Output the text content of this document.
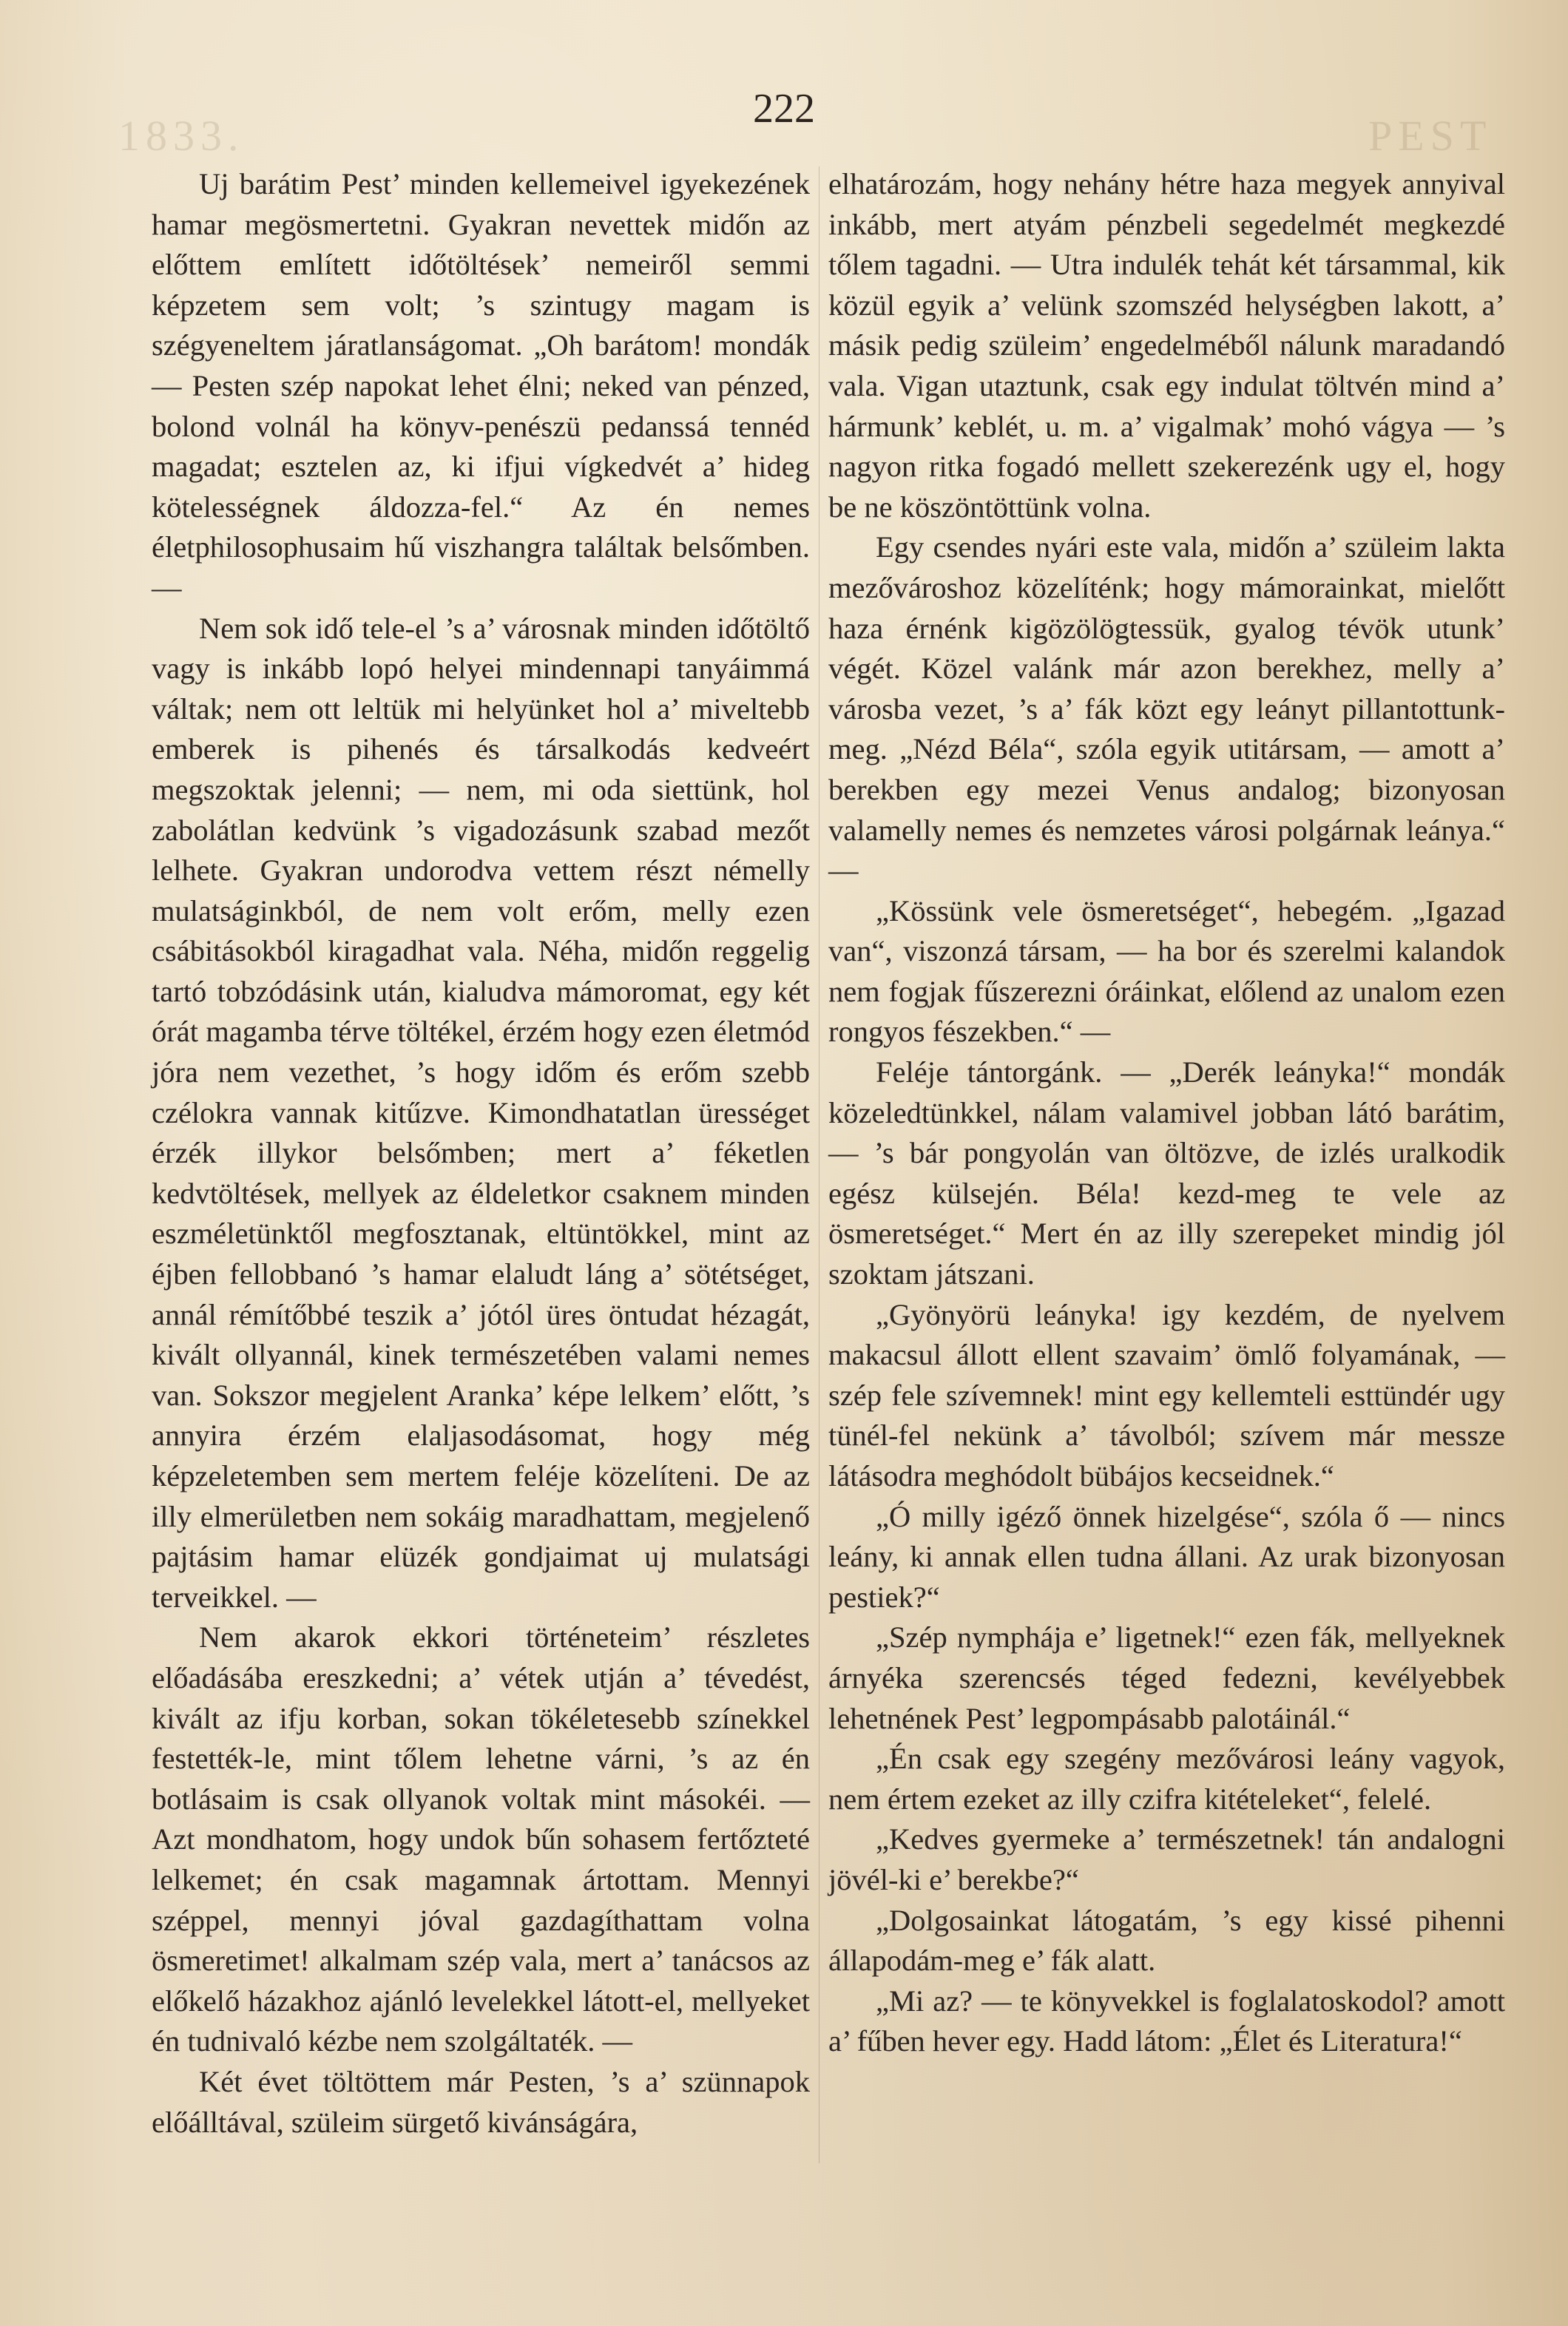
1833.	PEST
222

Uj barátim Pest’ minden kellemeivel igyekezének hamar megösmertetni. Gyakran nevettek midőn az előttem említett időtöltések’ nemeiről semmi képzetem sem volt; ’s szintugy magam is szégyeneltem járatlanságomat. „Oh barátom! mondák — Pesten szép napokat lehet élni; neked van pénzed, bolond volnál ha könyv-penészü pedanssá tennéd magadat; esztelen az, ki ifjui vígkedvét a’ hideg kötelességnek áldozza-fel.“ Az én nemes életphilosophusaim hű viszhangra találtak belsőmben. —

Nem sok idő tele-el ’s a’ városnak minden időtöltő vagy is inkább lopó helyei mindennapi tanyáimmá váltak; nem ott leltük mi helyünket hol a’ miveltebb emberek is pihenés és társalkodás kedveért megszoktak jelenni; — nem, mi oda siettünk, hol zabolátlan kedvünk ’s vigadozásunk szabad mezőt lelhete. Gyakran undorodva vettem részt némelly mulatságinkból, de nem volt erőm, melly ezen csábitásokból kiragadhat vala. Néha, midőn reggelig tartó tobzódásink után, kialudva mámoromat, egy két órát magamba térve töltékel, érzém hogy ezen életmód jóra nem vezethet, ’s hogy időm és erőm szebb czélokra vannak kitűzve. Kimondhatatlan ürességet érzék illykor belsőmben; mert a’ féketlen kedvtöltések, mellyek az éldeletkor csaknem minden eszméletünktől megfosztanak, eltüntökkel, mint az éjben fellobbanó ’s hamar elaludt láng a’ sötétséget, annál rémítőbbé teszik a’ jótól üres öntudat hézagát, kivált ollyannál, kinek természetében valami nemes van. Sokszor megjelent Aranka’ képe lelkem’ előtt, ’s annyira érzém elaljasodásomat, hogy még képzeletemben sem mertem feléje közelíteni. De az illy elmerületben nem sokáig maradhattam, megjelenő pajtásim hamar elüzék gondjaimat uj mulatsági terveikkel. —

Nem akarok ekkori történeteim’ részletes előadásába ereszkedni; a’ vétek utján a’ tévedést, kivált az ifju korban, sokan tökéletesebb színekkel festették-le, mint tőlem lehetne várni, ’s az én botlásaim is csak ollyanok voltak mint másokéi. — Azt mondhatom, hogy undok bűn sohasem fertőzteté lelkemet; én csak magamnak ártottam. Mennyi széppel, mennyi jóval gazdagíthattam volna ösmeretimet! alkalmam szép vala, mert a’ tanácsos az előkelő házakhoz ajánló levelekkel látott-el, mellyeket én tudnivaló kézbe nem szolgáltaték. —

Két évet töltöttem már Pesten, ’s a’ szünnapok előálltával, szüleim sürgető kivánságára,

elhatározám, hogy nehány hétre haza megyek annyival inkább, mert atyám pénzbeli segedelmét megkezdé tőlem tagadni. — Utra indulék tehát két társammal, kik közül egyik a’ velünk szomszéd helységben lakott, a’ másik pedig szüleim’ engedelméből nálunk maradandó vala. Vigan utaztunk, csak egy indulat töltvén mind a’ hármunk’ keblét, u. m. a’ vigalmak’ mohó vágya — ’s nagyon ritka fogadó mellett szekerezénk ugy el, hogy be ne köszöntöttünk volna.

Egy csendes nyári este vala, midőn a’ szüleim lakta mezővároshoz közelíténk; hogy mámorainkat, mielőtt haza érnénk kigözölögtessük, gyalog tévök utunk’ végét. Közel valánk már azon berekhez, melly a’ városba vezet, ’s a’ fák közt egy leányt pillantottunk-meg. „Nézd Béla“, szóla egyik utitársam, — amott a’ berekben egy mezei Venus andalog; bizonyosan valamelly nemes és nemzetes városi polgárnak leánya.“ —

„Kössünk vele ösmeretséget“, hebegém. „Igazad van“, viszonzá társam, — ha bor és szerelmi kalandok nem fogjak fűszerezni óráinkat, előlend az unalom ezen rongyos fészekben.“ —

Feléje tántorgánk. — „Derék leányka!“ mondák közeledtünkkel, nálam valamivel jobban látó barátim, — ’s bár pongyolán van öltözve, de izlés uralkodik egész külsején. Béla! kezd-meg te vele az ösmeretséget.“ Mert én az illy szerepeket mindig jól szoktam játszani.

„Gyönyörü leányka! igy kezdém, de nyelvem makacsul állott ellent szavaim’ ömlő folyamának, — szép fele szívemnek! mint egy kellemteli esttündér ugy tünél-fel nekünk a’ távolból; szívem már messze látásodra meghódolt bübájos kecseidnek.“

„Ó milly igéző önnek hizelgése“, szóla ő — nincs leány, ki annak ellen tudna állani. Az urak bizonyosan pestiek?“

„Szép nymphája e’ ligetnek!“ ezen fák, mellyeknek árnyéka szerencsés téged fedezni, kevélyebbek lehetnének Pest’ legpompásabb palotáinál.“

„Én csak egy szegény mezővárosi leány vagyok, nem értem ezeket az illy czifra kitételeket“, felelé.

„Kedves gyermeke a’ természetnek! tán andalogni jövél-ki e’ berekbe?“

„Dolgosainkat látogatám, ’s egy kissé pihenni állapodám-meg e’ fák alatt.

„Mi az? — te könyvekkel is foglalatoskodol? amott a’ fűben hever egy. Hadd látom: „Élet és Literatura!“
